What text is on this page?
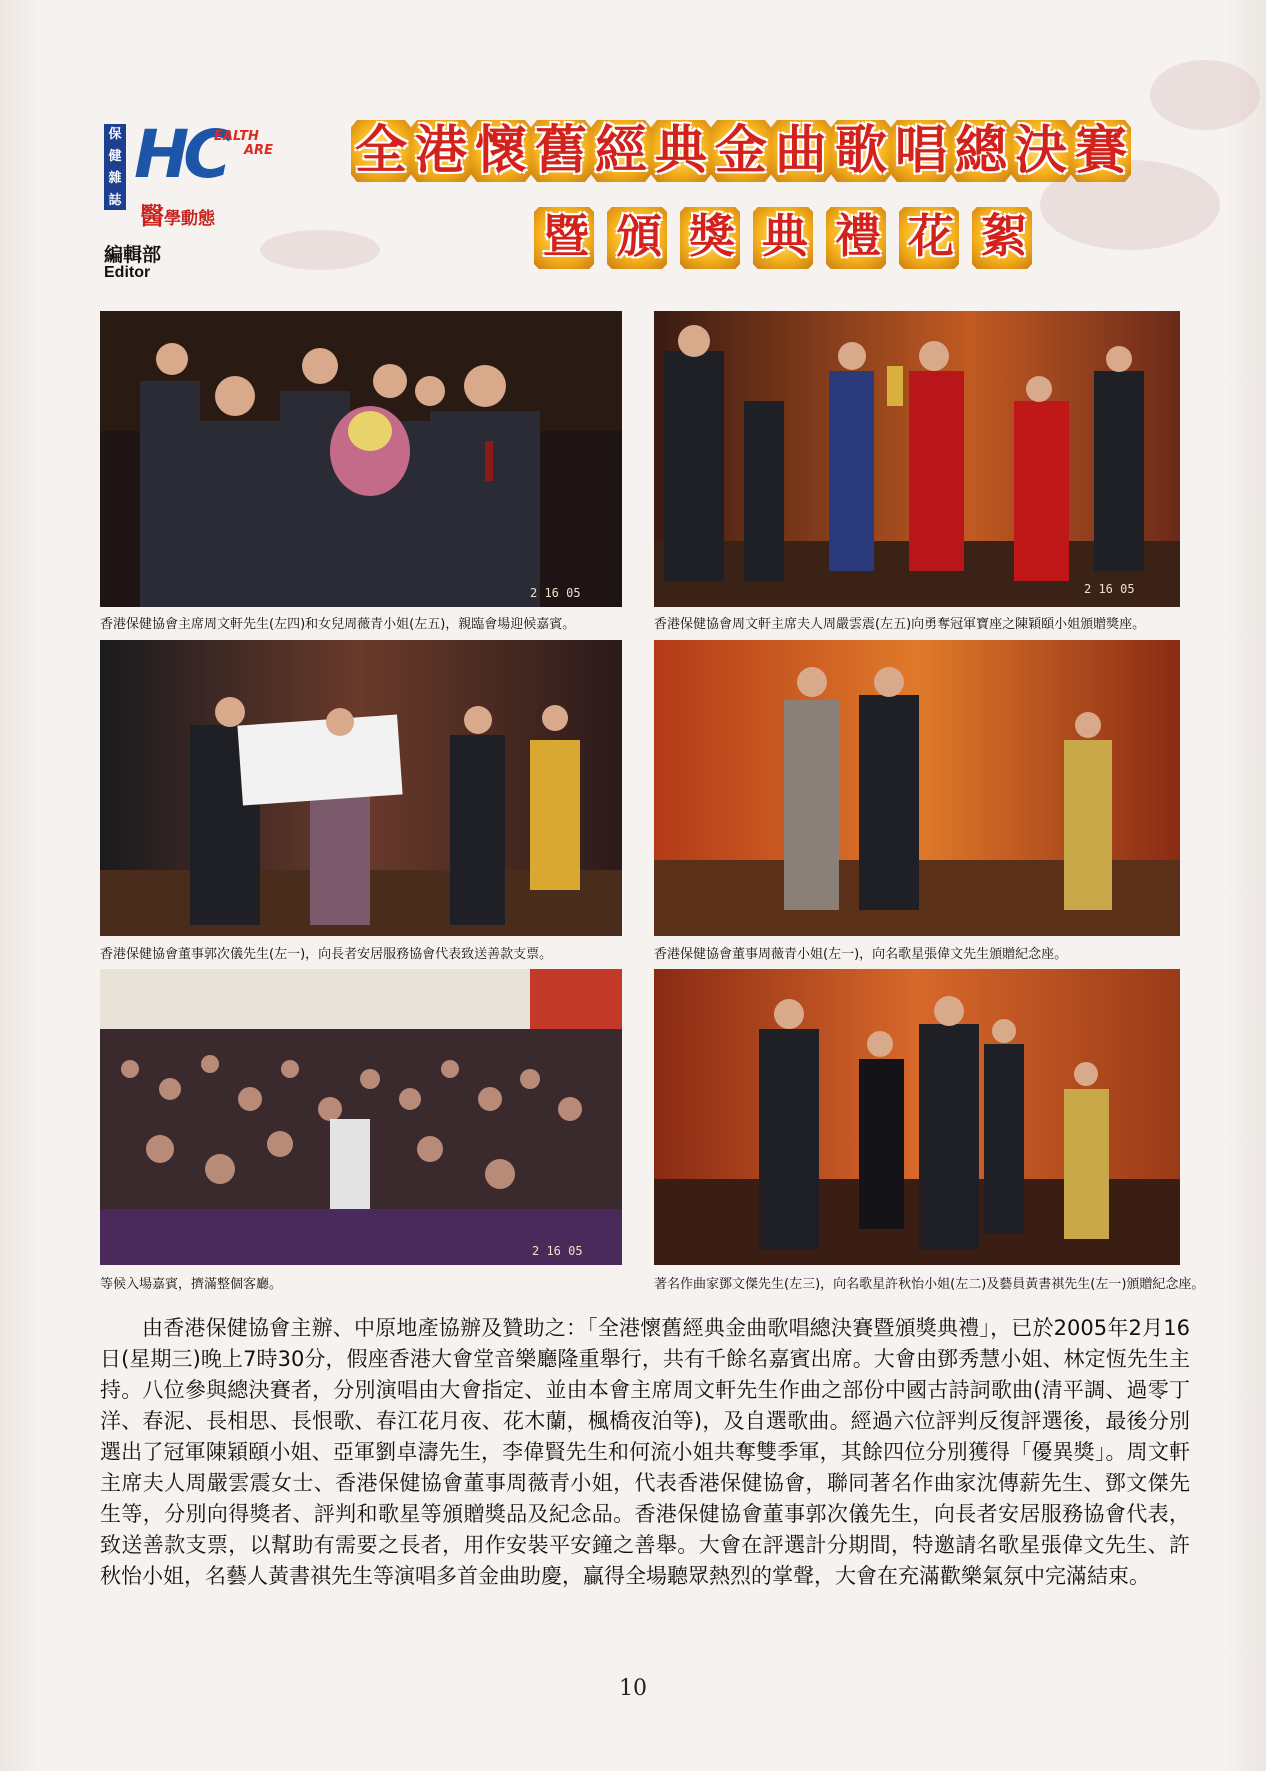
保健雜誌
HC
EALTH
ARE
醫學動態
編輯部
Editor
全 港 懷 舊 經 典 金 曲 歌 唱 總 決 賽
暨 頒 獎 典 禮 花 絮
2 16 05
香港保健協會主席周文軒先生(左四)和女兒周薇青小姐(左五)，親臨會場迎候嘉賓。
2 16 05
香港保健協會周文軒主席夫人周嚴雲震(左五)向勇奪冠軍寶座之陳穎頤小姐頒贈獎座。
香港保健協會董事郭次儀先生(左一)，向長者安居服務協會代表致送善款支票。	香港保健協會董事周薇青小姐(左一)，向名歌星張偉文先生頒贈紀念座。
2 16 05
等候入場嘉賓，擠滿整個客廳。	著名作曲家鄧文傑先生(左三)，向名歌星許秋怡小姐(左二)及藝員黃書祺先生(左一)頒贈紀念座。

由香港保健協會主辦、中原地產協辦及贊助之：「全港懷舊經典金曲歌唱總決賽暨頒獎典禮」，已於2005年2月16日(星期三)晚上7時30分，假座香港大會堂音樂廳隆重舉行，共有千餘名嘉賓出席。大會由鄧秀慧小姐、林定恆先生主持。八位參與總決賽者，分別演唱由大會指定、並由本會主席周文軒先生作曲之部份中國古詩詞歌曲(清平調、過零丁洋、春泥、長相思、長恨歌、春江花月夜、花木蘭，楓橋夜泊等)，及自選歌曲。經過六位評判反復評選後，最後分別選出了冠軍陳穎頤小姐、亞軍劉卓濤先生，李偉賢先生和何流小姐共奪雙季軍，其餘四位分別獲得「優異獎」。周文軒主席夫人周嚴雲震女士、香港保健協會董事周薇青小姐，代表香港保健協會，聯同著名作曲家沈傳薪先生、鄧文傑先生等，分別向得獎者、評判和歌星等頒贈獎品及紀念品。香港保健協會董事郭次儀先生，向長者安居服務協會代表，致送善款支票，以幫助有需要之長者，用作安裝平安鐘之善舉。大會在評選計分期間，特邀請名歌星張偉文先生、許秋怡小姐，名藝人黃書祺先生等演唱多首金曲助慶，贏得全場聽眾熱烈的掌聲，大會在充滿歡樂氣氛中完滿結束。

10
